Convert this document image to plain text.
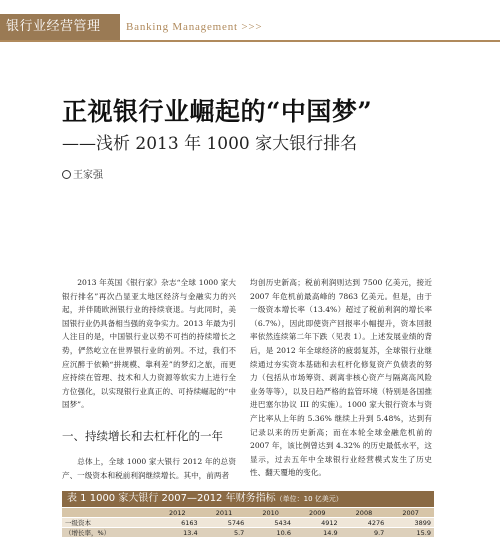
银行业经营管理	Banking Management >>>
正视银行业崛起的“中国梦”
——浅析 2013 年 1000 家大银行排名
王家强

2013 年英国《银行家》杂志“全球 1000 家大银行排名”再次凸显亚太地区经济与金融实力的兴起，并伴随欧洲银行业的持续衰退。与此同时，美国银行业仍具备相当强的竞争实力。2013 年最为引人注目的是，中国银行业以势不可挡的持续增长之势，俨然屹立在世界银行业的前列。不过，我们不应沉醉于依赖“拼规模、靠利差”的梦幻之旅，而更应持续在管理、技术和人力资源等软实力上进行全方位强化，以实现银行业真正的、可持续崛起的“中国梦”。

一、持续增长和去杠杆化的一年

总体上，全球 1000 家大银行 2012 年的总资产、一级资本和税前利润继续增长。其中，前两者

均创历史新高；税前利润则达到 7500 亿美元，接近 2007 年危机前最高峰的 7863 亿美元。但是，由于一级资本增长率（13.4%）超过了税前利润的增长率（6.7%），因此即使资产回报率小幅提升，资本回报率依然连续第二年下跌（见表 1）。上述发展业绩的背后，是 2012 年全球经济的疲弱复苏，全球银行业继续通过夯实资本基础和去杠杆化修复资产负债表的努力（包括从市场筹资、剥离非核心资产与隔离高风险业务等等），以及日趋严格的监管环境（特别是各国推进巴塞尔协议 III 的实施）。1000 家大银行资本与资产比率从上年的 5.36% 继续上升到 5.48%，达到有记录以来的历史新高；而在本轮全球金融危机前的 2007 年，该比例曾达到 4.32% 的历史最低水平，这显示，过去五年中全球银行业经营模式发生了历史性、翻天覆地的变化。

表 1 1000 家大银行 2007—2012 年财务指标（单位：10 亿美元）
	2012	2011	2010	2009	2008	2007
一级资本	6163	5746	5434	4912	4276	3899
（增长率，%）	13.4	5.7	10.6	14.9	9.7	15.9
